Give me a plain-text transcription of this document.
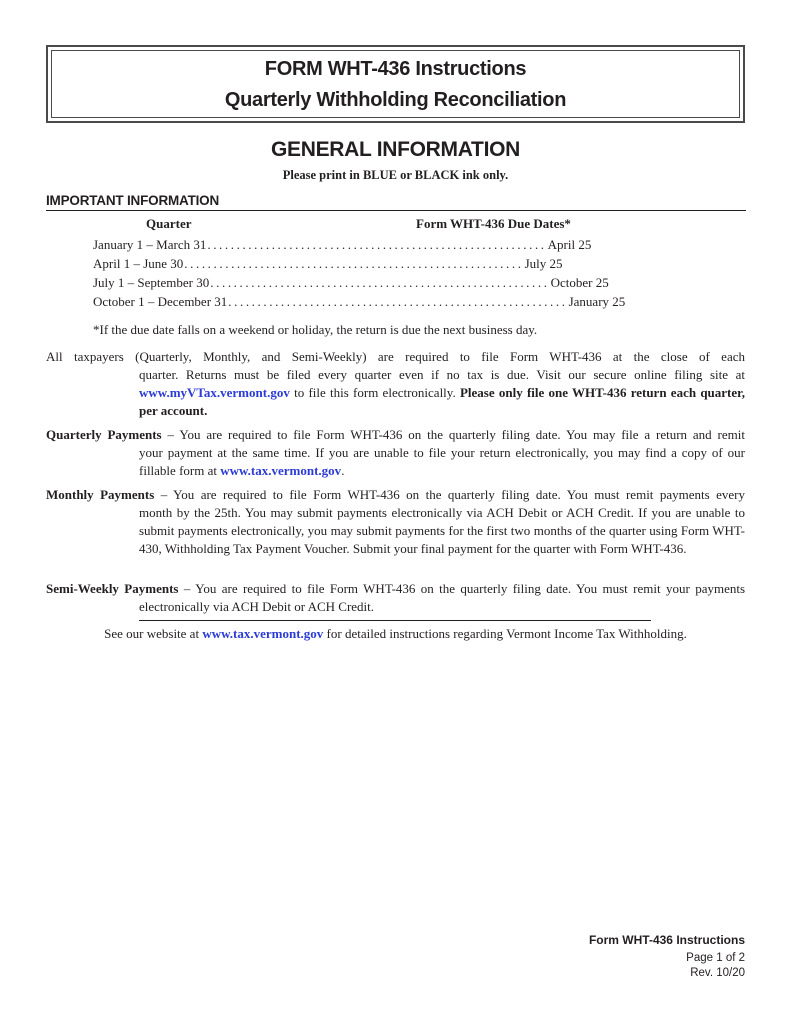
FORM WHT-436 Instructions
Quarterly Withholding Reconciliation
GENERAL INFORMATION
Please print in BLUE or BLACK ink only.
IMPORTANT INFORMATION
Quarter	Form WHT-436 Due Dates*
January 1 – March 31 .......................................................... April 25
April 1 – June 30 .......................................................... July 25
July 1 – September 30 .......................................................... October 25
October 1 – December 31 .......................................................... January 25
*If the due date falls on a weekend or holiday, the return is due the next business day.
All taxpayers (Quarterly, Monthly, and Semi-Weekly) are required to file Form WHT-436 at the close of each
quarter. Returns must be filed every quarter even if no tax is due. Visit our secure online filing site at www.myVTax.vermont.gov to file this form electronically. Please only file one WHT-436 return each quarter, per account.
Quarterly Payments – You are required to file Form WHT-436 on the quarterly filing date. You may file a return and remit
your payment at the same time. If you are unable to file your return electronically, you may find a copy of our fillable form at www.tax.vermont.gov.
Monthly Payments – You are required to file Form WHT-436 on the quarterly filing date. You must remit payments every
month by the 25th. You may submit payments electronically via ACH Debit or ACH Credit. If you are unable to submit payments electronically, you may submit payments for the first two months of the quarter using Form WHT-430, Withholding Tax Payment Voucher. Submit your final payment for the quarter with Form WHT-436.
Semi-Weekly Payments – You are required to file Form WHT-436 on the quarterly filing date. You must remit your payments
electronically via ACH Debit or ACH Credit.
See our website at www.tax.vermont.gov for detailed instructions regarding Vermont Income Tax Withholding.
Form WHT-436 Instructions
Page 1 of 2
Rev. 10/20
